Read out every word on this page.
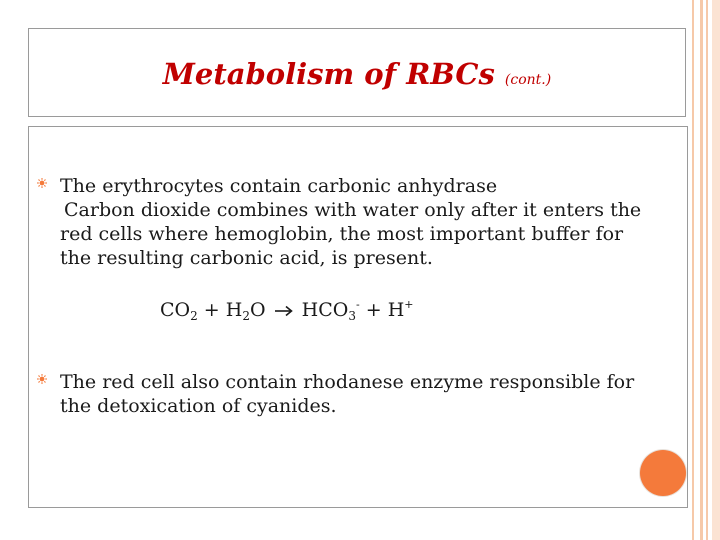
Metabolism of RBCs (cont.)
The erythrocytes contain carbonic anhydrase
Carbon dioxide combines with water only after it enters the
red cells where hemoglobin, the most important buffer for
the resulting carbonic acid, is present.
$CO_2 + H_2O$ $HCO_3^- + H^+$
The red cell also contain rhodanese enzyme responsible for
the detoxication of cyanides.
